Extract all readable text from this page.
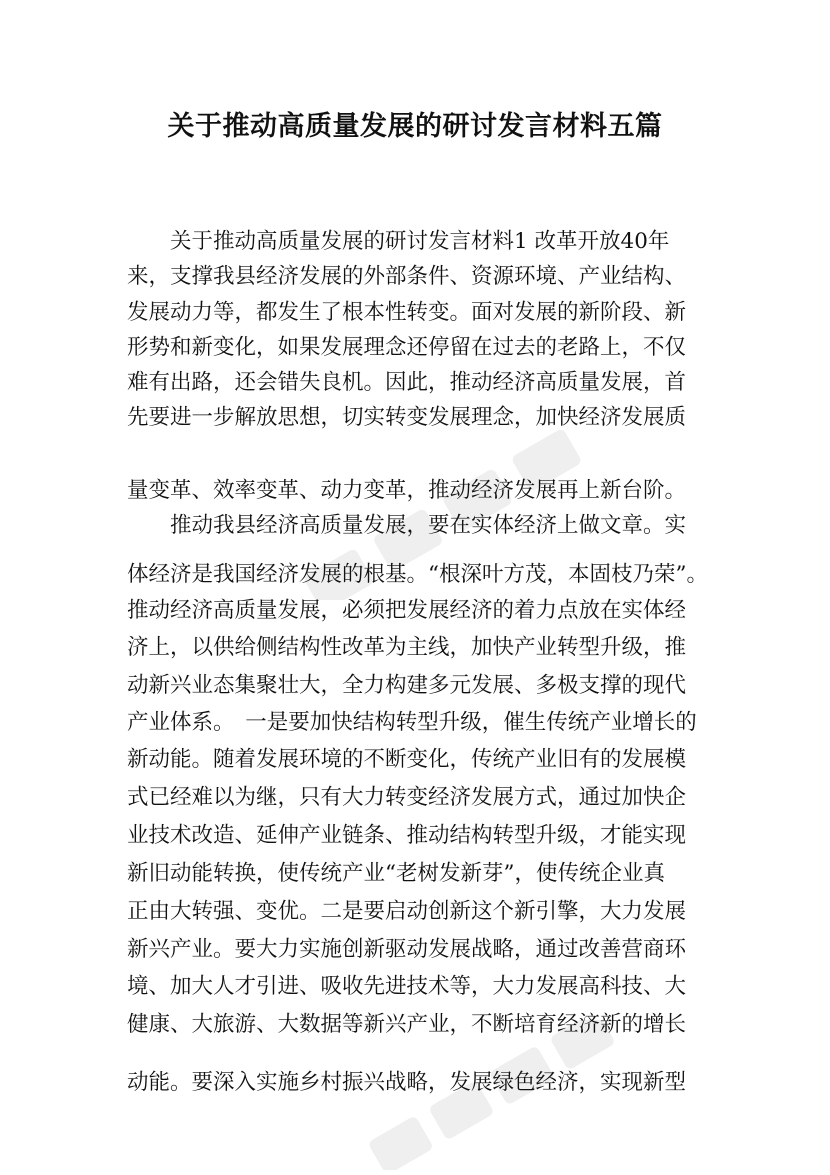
关于推动高质量发展的研讨发言材料五篇
关于推动高质量发展的研讨发言材料1 改革开放40年
来，支撑我县经济发展的外部条件、资源环境、产业结构、
发展动力等，都发生了根本性转变。面对发展的新阶段、新
形势和新变化，如果发展理念还停留在过去的老路上，不仅
难有出路，还会错失良机。因此，推动经济高质量发展，首
先要进一步解放思想，切实转变发展理念，加快经济发展质
量变革、效率变革、动力变革，推动经济发展再上新台阶。
推动我县经济高质量发展，要在实体经济上做文章。实
体经济是我国经济发展的根基。“根深叶方茂，本固枝乃荣”。
推动经济高质量发展，必须把发展经济的着力点放在实体经
济上，以供给侧结构性改革为主线，加快产业转型升级，推
动新兴业态集聚壮大，全力构建多元发展、多极支撑的现代
产业体系。　一是要加快结构转型升级，催生传统产业增长的
新动能。随着发展环境的不断变化，传统产业旧有的发展模
式已经难以为继，只有大力转变经济发展方式，通过加快企
业技术改造、延伸产业链条、推动结构转型升级，才能实现
新旧动能转换，使传统产业“老树发新芽”，使传统企业真
正由大转强、变优。二是要启动创新这个新引擎，大力发展
新兴产业。要大力实施创新驱动发展战略，通过改善营商环
境、加大人才引进、吸收先进技术等，大力发展高科技、大
健康、大旅游、大数据等新兴产业，不断培育经济新的增长
动能。要深入实施乡村振兴战略，发展绿色经济，实现新型
